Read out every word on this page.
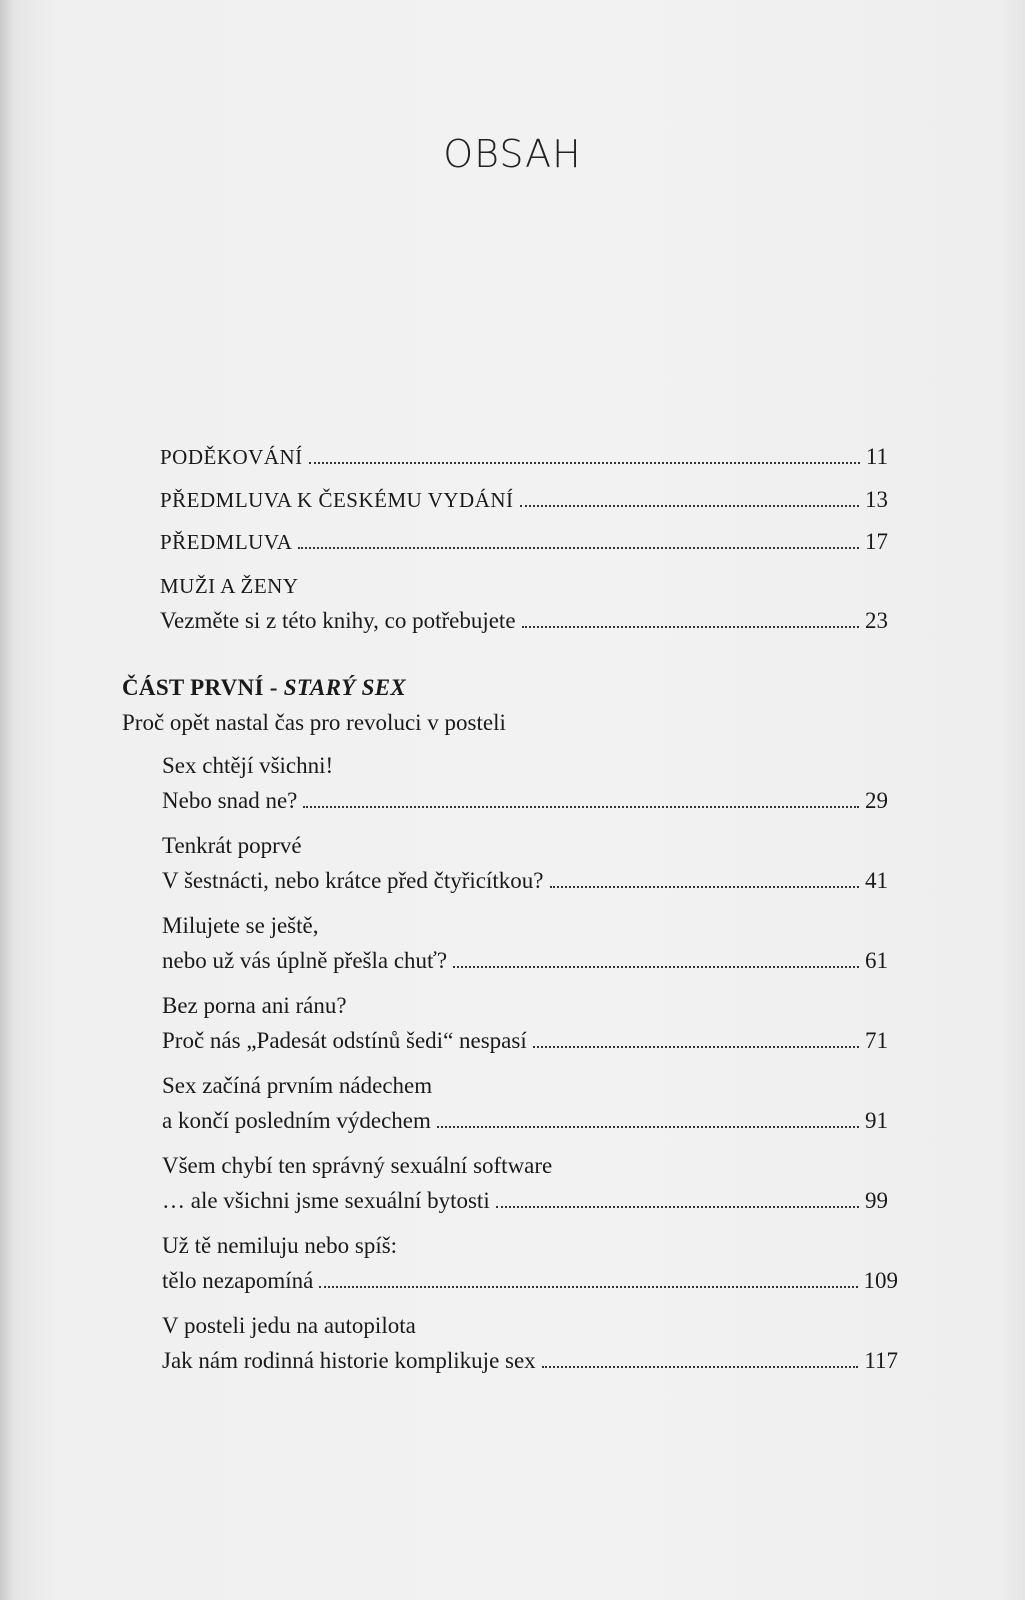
OBSAH
PODĚKOVÁNÍ	11
PŘEDMLUVA K ČESKÉMU VYDÁNÍ	13
PŘEDMLUVA	17
MUŽI A ŽENY
Vezměte si z této knihy, co potřebujete	23
ČÁST PRVNÍ - STARÝ SEX
Proč opět nastal čas pro revoluci v posteli
Sex chtějí všichni!
Nebo snad ne?	29
Tenkrát poprvé
V šestnácti, nebo krátce před čtyřicítkou?	41
Milujete se ještě,
nebo už vás úplně přešla chuť?	61
Bez porna ani ránu?
Proč nás „Padesát odstínů šedi“ nespasí	71
Sex začíná prvním nádechem
a končí posledním výdechem	91
Všem chybí ten správný sexuální software
… ale všichni jsme sexuální bytosti	99
Už tě nemiluju nebo spíš:
tělo nezapomíná	109
V posteli jedu na autopilota
Jak nám rodinná historie komplikuje sex	117
